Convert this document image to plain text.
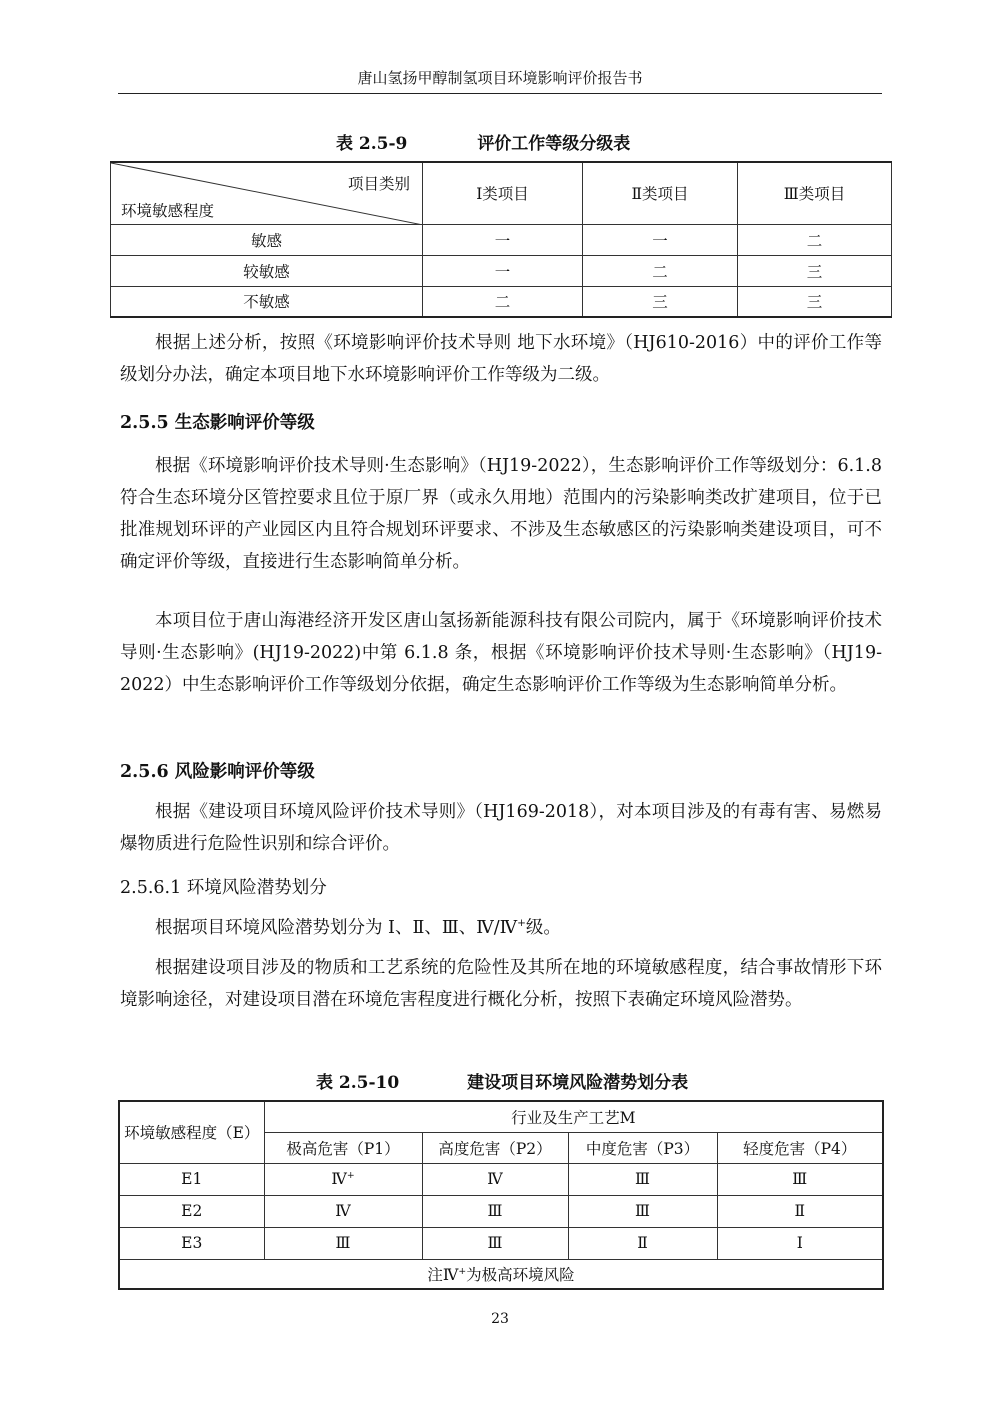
唐山氢扬甲醇制氢项目环境影响评价报告书
表 2.5-9	评价工作等级分级表
项目类别
环境敏感程度	Ⅰ类项目	Ⅱ类项目	Ⅲ类项目
敏感	一	一	二
较敏感	一	二	三
不敏感	二	三	三

根据上述分析，按照《环境影响评价技术导则 地下水环境》（HJ610-2016）中的评价工作等级划分办法，确定本项目地下水环境影响评价工作等级为二级。

2.5.5 生态影响评价等级

根据《环境影响评价技术导则·生态影响》（HJ19-2022），生态影响评价工作等级划分：6.1.8 符合生态环境分区管控要求且位于原厂界（或永久用地）范围内的污染影响类改扩建项目，位于已批准规划环评的产业园区内且符合规划环评要求、不涉及生态敏感区的污染影响类建设项目，可不确定评价等级，直接进行生态影响简单分析。

本项目位于唐山海港经济开发区唐山氢扬新能源科技有限公司院内，属于《环境影响评价技术导则·生态影响》(HJ19-2022)中第 6.1.8 条，根据《环境影响评价技术导则·生态影响》（HJ19-2022）中生态影响评价工作等级划分依据，确定生态影响评价工作等级为生态影响简单分析。

2.5.6 风险影响评价等级

根据《建设项目环境风险评价技术导则》（HJ169-2018），对本项目涉及的有毒有害、易燃易爆物质进行危险性识别和综合评价。

2.5.6.1 环境风险潜势划分

根据项目环境风险潜势划分为 Ⅰ、Ⅱ、Ⅲ、Ⅳ/Ⅳ+级。

根据建设项目涉及的物质和工艺系统的危险性及其所在地的环境敏感程度，结合事故情形下环境影响途径，对建设项目潜在环境危害程度进行概化分析，按照下表确定环境风险潜势。

表 2.5-10	建设项目环境风险潜势划分表
环境敏感程度（E）	行业及生产工艺M			
	极高危害（P1）	高度危害（P2）	中度危害（P3）	轻度危害（P4）
E1	Ⅳ+	Ⅳ	Ⅲ	Ⅲ
E2	Ⅳ	Ⅲ	Ⅲ	Ⅱ
E3	Ⅲ	Ⅲ	Ⅱ	Ⅰ
注Ⅳ+为极高环境风险				
23
